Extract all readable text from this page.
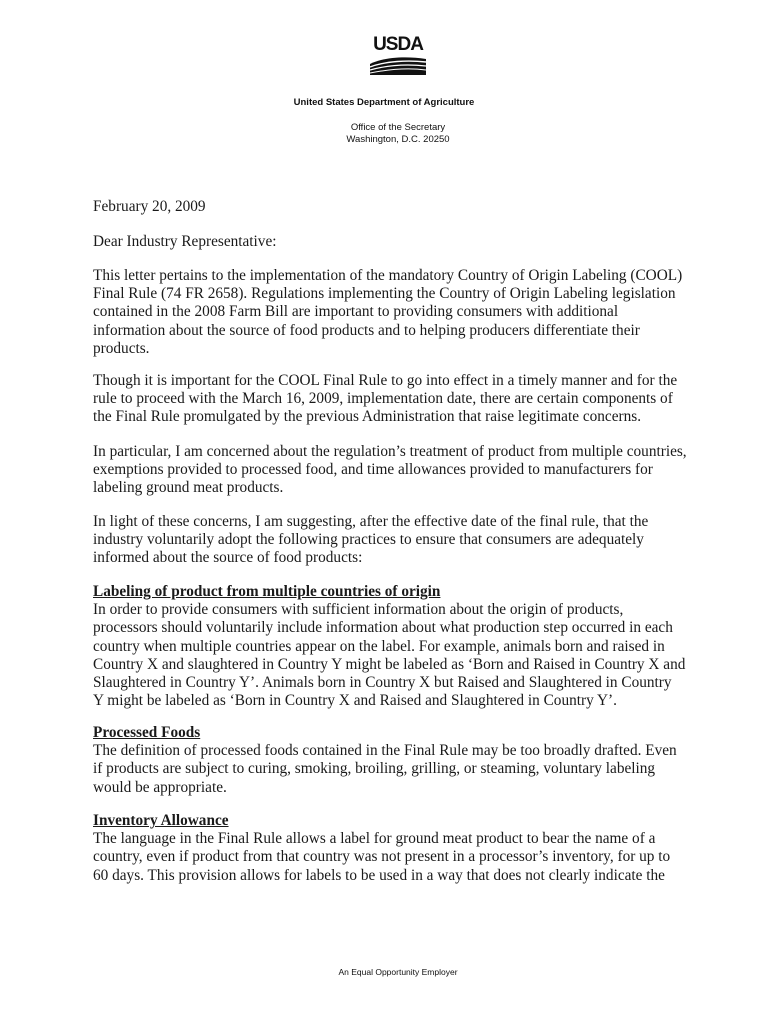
USDA
United States Department of Agriculture
Office of the Secretary
Washington, D.C. 20250

February 20, 2009

Dear Industry Representative:

This letter pertains to the implementation of the mandatory Country of Origin Labeling (COOL)
Final Rule (74 FR 2658). Regulations implementing the Country of Origin Labeling legislation
contained in the 2008 Farm Bill are important to providing consumers with additional
information about the source of food products and to helping producers differentiate their
products.

Though it is important for the COOL Final Rule to go into effect in a timely manner and for the
rule to proceed with the March 16, 2009, implementation date, there are certain components of
the Final Rule promulgated by the previous Administration that raise legitimate concerns.

In particular, I am concerned about the regulation’s treatment of product from multiple countries,
exemptions provided to processed food, and time allowances provided to manufacturers for
labeling ground meat products.

In light of these concerns, I am suggesting, after the effective date of the final rule, that the
industry voluntarily adopt the following practices to ensure that consumers are adequately
informed about the source of food products:

Labeling of product from multiple countries of origin
In order to provide consumers with sufficient information about the origin of products,
processors should voluntarily include information about what production step occurred in each
country when multiple countries appear on the label. For example, animals born and raised in
Country X and slaughtered in Country Y might be labeled as ‘Born and Raised in Country X and
Slaughtered in Country Y’. Animals born in Country X but Raised and Slaughtered in Country
Y might be labeled as ‘Born in Country X and Raised and Slaughtered in Country Y’.
Processed Foods
The definition of processed foods contained in the Final Rule may be too broadly drafted. Even
if products are subject to curing, smoking, broiling, grilling, or steaming, voluntary labeling
would be appropriate.
Inventory Allowance
The language in the Final Rule allows a label for ground meat product to bear the name of a
country, even if product from that country was not present in a processor’s inventory, for up to
60 days. This provision allows for labels to be used in a way that does not clearly indicate the
An Equal Opportunity Employer
